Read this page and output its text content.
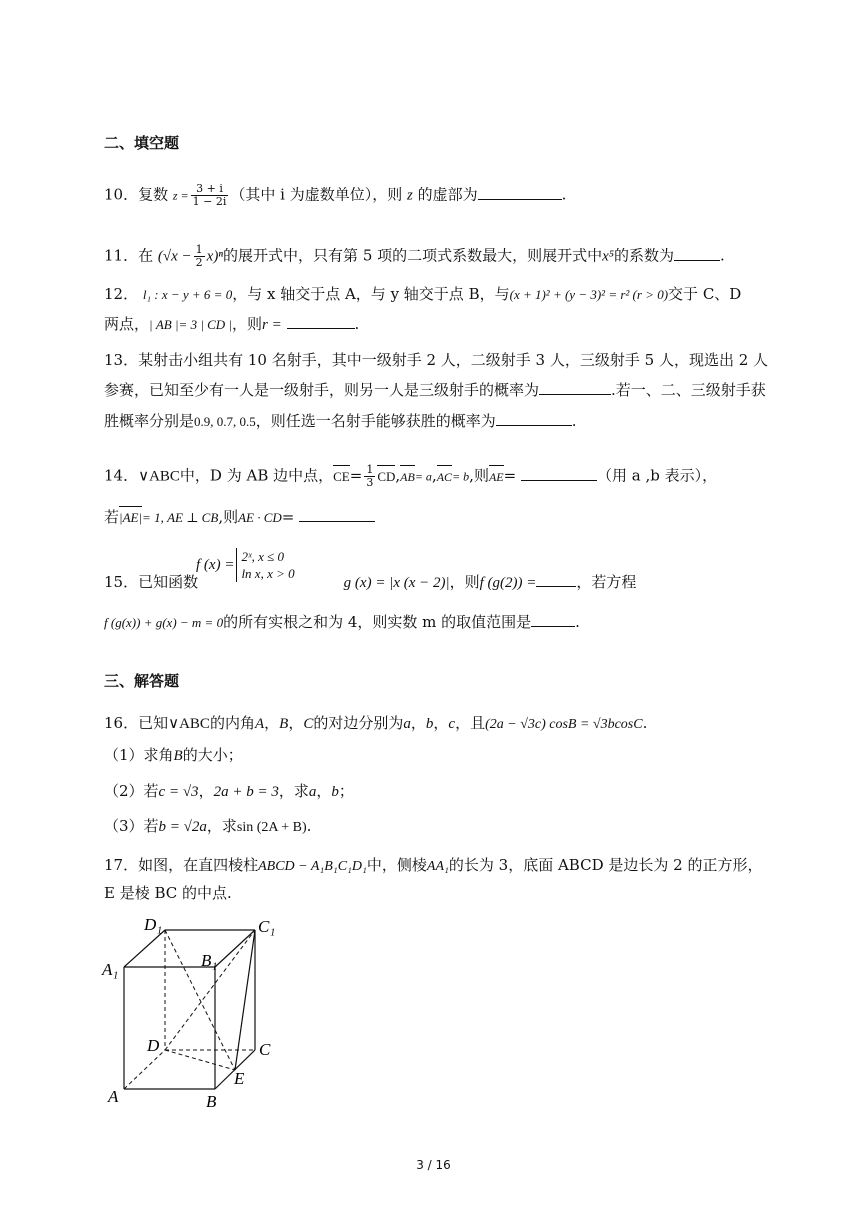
二、填空题
10．复数 $z = \frac{3 + i}{1 - 2i}$ （其中 i 为虚数单位），则 z 的虚部为	.
11．在 $(√x - \frac{1}{2} x)^n$的展开式中，只有第 5 项的二项式系数最大，则展开式中x⁵的系数为	.
12． l₁ : x − y + 6 = 0，与 x 轴交于点 A，与 y 轴交于点 B，与(x + 1)² + (y − 3)² = r² (r > 0)交于 C、D
两点，| AB |= 3 | CD |，则r =	.
13．某射击小组共有 10 名射手，其中一级射手 2 人，二级射手 3 人，三级射手 5 人，现选出 2 人
参赛，已知至少有一人是一级射手，则另一人是三级射手的概率为	.若一、二、三级射手获
胜概率分别是0.9, 0.7, 0.5，则任选一名射手能够获胜的概率为	.
14．∨ABC中，D 为 AB 边中点，$CE= \frac{1}{3} CD,AB= a,AC= b$,则AE=	（用 a ,b 表示），
若|AE|= 1, AE ⊥ CB,则AE · CD=
f (x) =
2ˣ, x ≤ 0
ln x, x > 0
15．已知函数	g (x) = |x (x − 2)|，则f (g(2)) =	，若方程
f (g(x)) + g(x) − m = 0的所有实根之和为 4，则实数 m 的取值范围是	.
三、解答题
16．已知∨ABC的内角A，B，C的对边分别为a，b，c，且(2a − √3c) cosB = √3bcosC.
（1）求角B的大小；
（2）若c = √3，2a + b = 3，求a，b；
（3）若b = √2a，求sin (2A + B).
17．如图，在直四棱柱ABCD − A₁B₁C₁D₁中，侧棱AA₁的长为 3，底面 ABCD 是边长为 2 的正方形，
E 是棱 BC 的中点.
D₁	C₁
A₁	B₁
D	C
E
A	B
3 / 16
